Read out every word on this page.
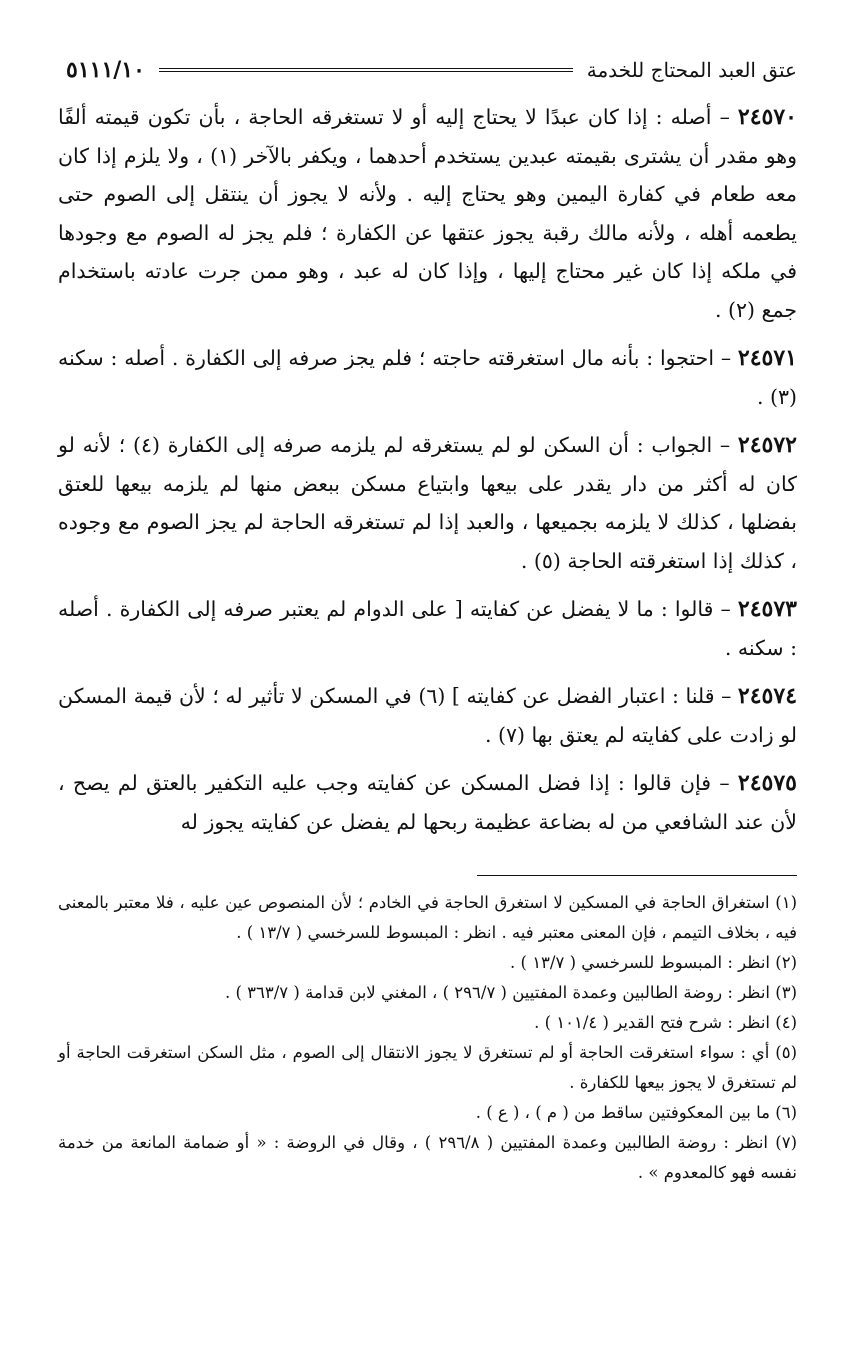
عتق العبد المحتاج للخدمة
٥١١١/١٠

٢٤٥٧٠ – أصله : إذا كان عبدًا لا يحتاج إليه أو لا تستغرقه الحاجة ، بأن تكون قيمته ألفًا وهو مقدر أن يشترى بقيمته عبدين يستخدم أحدهما ، ويكفر بالآخر (١) ، ولا يلزم إذا كان معه طعام في كفارة اليمين وهو يحتاج إليه . ولأنه لا يجوز أن ينتقل إلى الصوم حتى يطعمه أهله ، ولأنه مالك رقبة يجوز عتقها عن الكفارة ؛ فلم يجز له الصوم مع وجودها في ملكه إذا كان غير محتاج إليها ، وإذا كان له عبد ، وهو ممن جرت عادته باستخدام جمع (٢) .

٢٤٥٧١ – احتجوا : بأنه مال استغرقته حاجته ؛ فلم يجز صرفه إلى الكفارة . أصله : سكنه (٣) .

٢٤٥٧٢ – الجواب : أن السكن لو لم يستغرقه لم يلزمه صرفه إلى الكفارة (٤) ؛ لأنه لو كان له أكثر من دار يقدر على بيعها وابتياع مسكن ببعض منها لم يلزمه بيعها للعتق بفضلها ، كذلك لا يلزمه بجميعها ، والعبد إذا لم تستغرقه الحاجة لم يجز الصوم مع وجوده ، كذلك إذا استغرقته الحاجة (٥) .

٢٤٥٧٣ – قالوا : ما لا يفضل عن كفايته [ على الدوام لم يعتبر صرفه إلى الكفارة . أصله : سكنه .

٢٤٥٧٤ – قلنا : اعتبار الفضل عن كفايته ] (٦) في المسكن لا تأثير له ؛ لأن قيمة المسكن لو زادت على كفايته لم يعتق بها (٧) .

٢٤٥٧٥ – فإن قالوا : إذا فضل المسكن عن كفايته وجب عليه التكفير بالعتق لم يصح ، لأن عند الشافعي من له بضاعة عظيمة ربحها لم يفضل عن كفايته يجوز له

(١) استغراق الحاجة في المسكين لا استغرق الحاجة في الخادم ؛ لأن المنصوص عين عليه ، فلا معتبر بالمعنى فيه ، بخلاف التيمم ، فإن المعنى معتبر فيه . انظر : المبسوط للسرخسي ( ١٣/٧ ) .

(٢) انظر : المبسوط للسرخسي ( ١٣/٧ ) .

(٣) انظر : روضة الطالبين وعمدة المفتيين ( ٢٩٦/٧ ) ، المغني لابن قدامة ( ٣٦٣/٧ ) .

(٤) انظر : شرح فتح القدير ( ١٠١/٤ ) .

(٥) أي : سواء استغرقت الحاجة أو لم تستغرق لا يجوز الانتقال إلى الصوم ، مثل السكن استغرقت الحاجة أو لم تستغرق لا يجوز بيعها للكفارة .

(٦) ما بين المعكوفتين ساقط من ( م ) ، ( ع ) .

(٧) انظر : روضة الطالبين وعمدة المفتيين ( ٢٩٦/٨ ) ، وقال في الروضة : « أو ضمامة المانعة من خدمة نفسه فهو كالمعدوم » .
